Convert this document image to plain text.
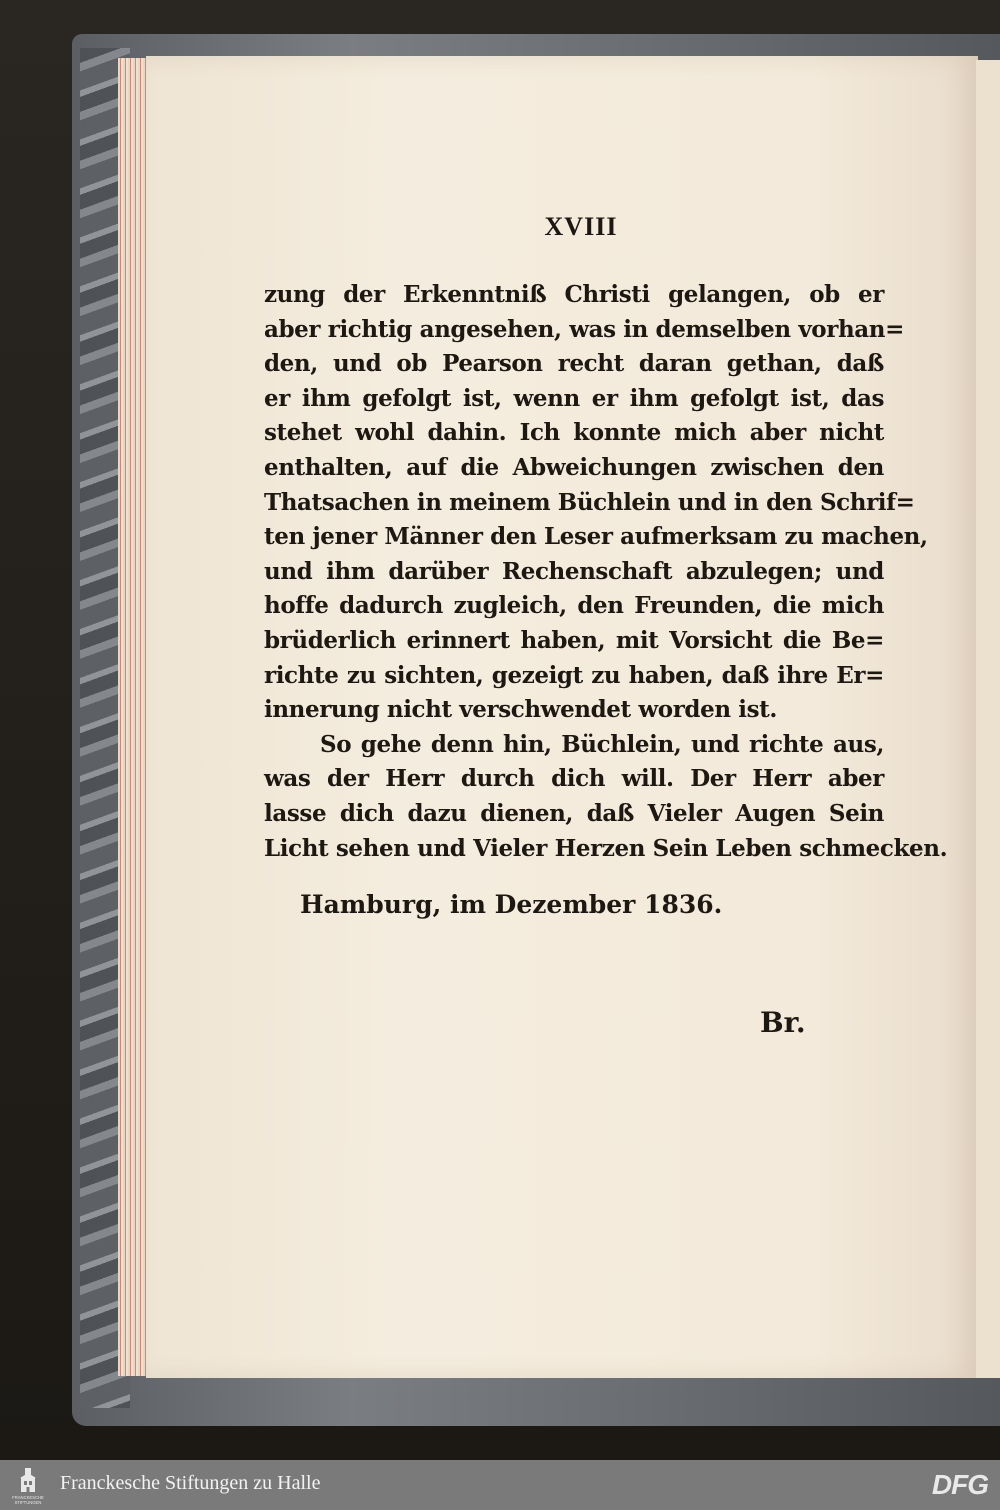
XVIII
zung der Erkenntniß Christi gelangen, ob er
aber richtig angesehen, was in demselben vorhan=
den, und ob Pearson recht daran gethan, daß
er ihm gefolgt ist, wenn er ihm gefolgt ist, das
stehet wohl dahin. Ich konnte mich aber nicht
enthalten, auf die Abweichungen zwischen den
Thatsachen in meinem Büchlein und in den Schrif=
ten jener Männer den Leser aufmerksam zu machen,
und ihm darüber Rechenschaft abzulegen; und
hoffe dadurch zugleich, den Freunden, die mich
brüderlich erinnert haben, mit Vorsicht die Be=
richte zu sichten, gezeigt zu haben, daß ihre Er=
innerung nicht verschwendet worden ist.
So gehe denn hin, Büchlein, und richte aus,
was der Herr durch dich will. Der Herr aber
lasse dich dazu dienen, daß Vieler Augen Sein
Licht sehen und Vieler Herzen Sein Leben schmecken.
Hamburg, im Dezember 1836.
Br.
FRANCKESCHE
STIFTUNGEN
Franckesche Stiftungen zu Halle	DFG
